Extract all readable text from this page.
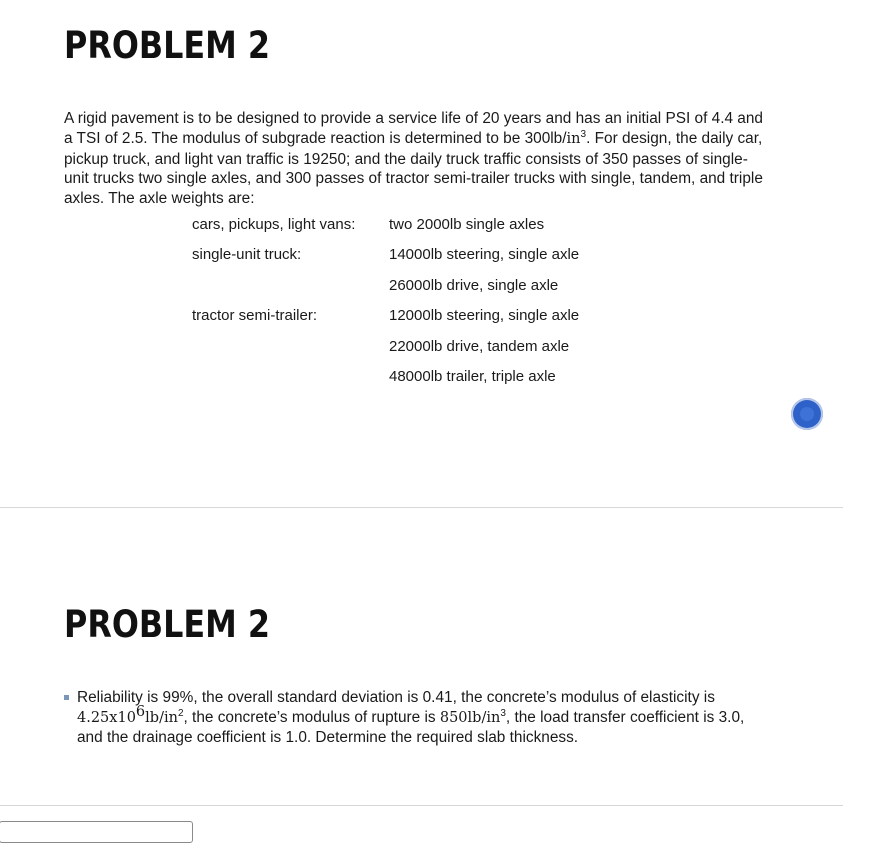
PROBLEM 2
A rigid pavement is to be designed to provide a service life of 20 years and has an initial PSI of 4.4 and a TSI of 2.5. The modulus of subgrade reaction is determined to be $300lb/in^3$. For design, the daily car, pickup truck, and light van traffic is 19250; and the daily truck traffic consists of 350 passes of single-unit trucks two single axles, and 300 passes of tractor semi-trailer trucks with single, tandem, and triple axles. The axle weights are:
cars, pickups, light vans: two 2000lb single axles
single-unit truck:	14000lb steering, single axle
26000lb drive, single axle
tractor semi-trailer:	12000lb steering, single axle
22000lb drive, tandem axle
48000lb trailer, triple axle
PROBLEM 2
Reliability is 99%, the overall standard deviation is 0.41, the concrete’s modulus of elasticity is $4.25x10^6lb/in^2$, the concrete’s modulus of rupture is $850lb/in^3$, the load transfer coefficient is 3.0, and the drainage coefficient is 1.0. Determine the required slab thickness.
